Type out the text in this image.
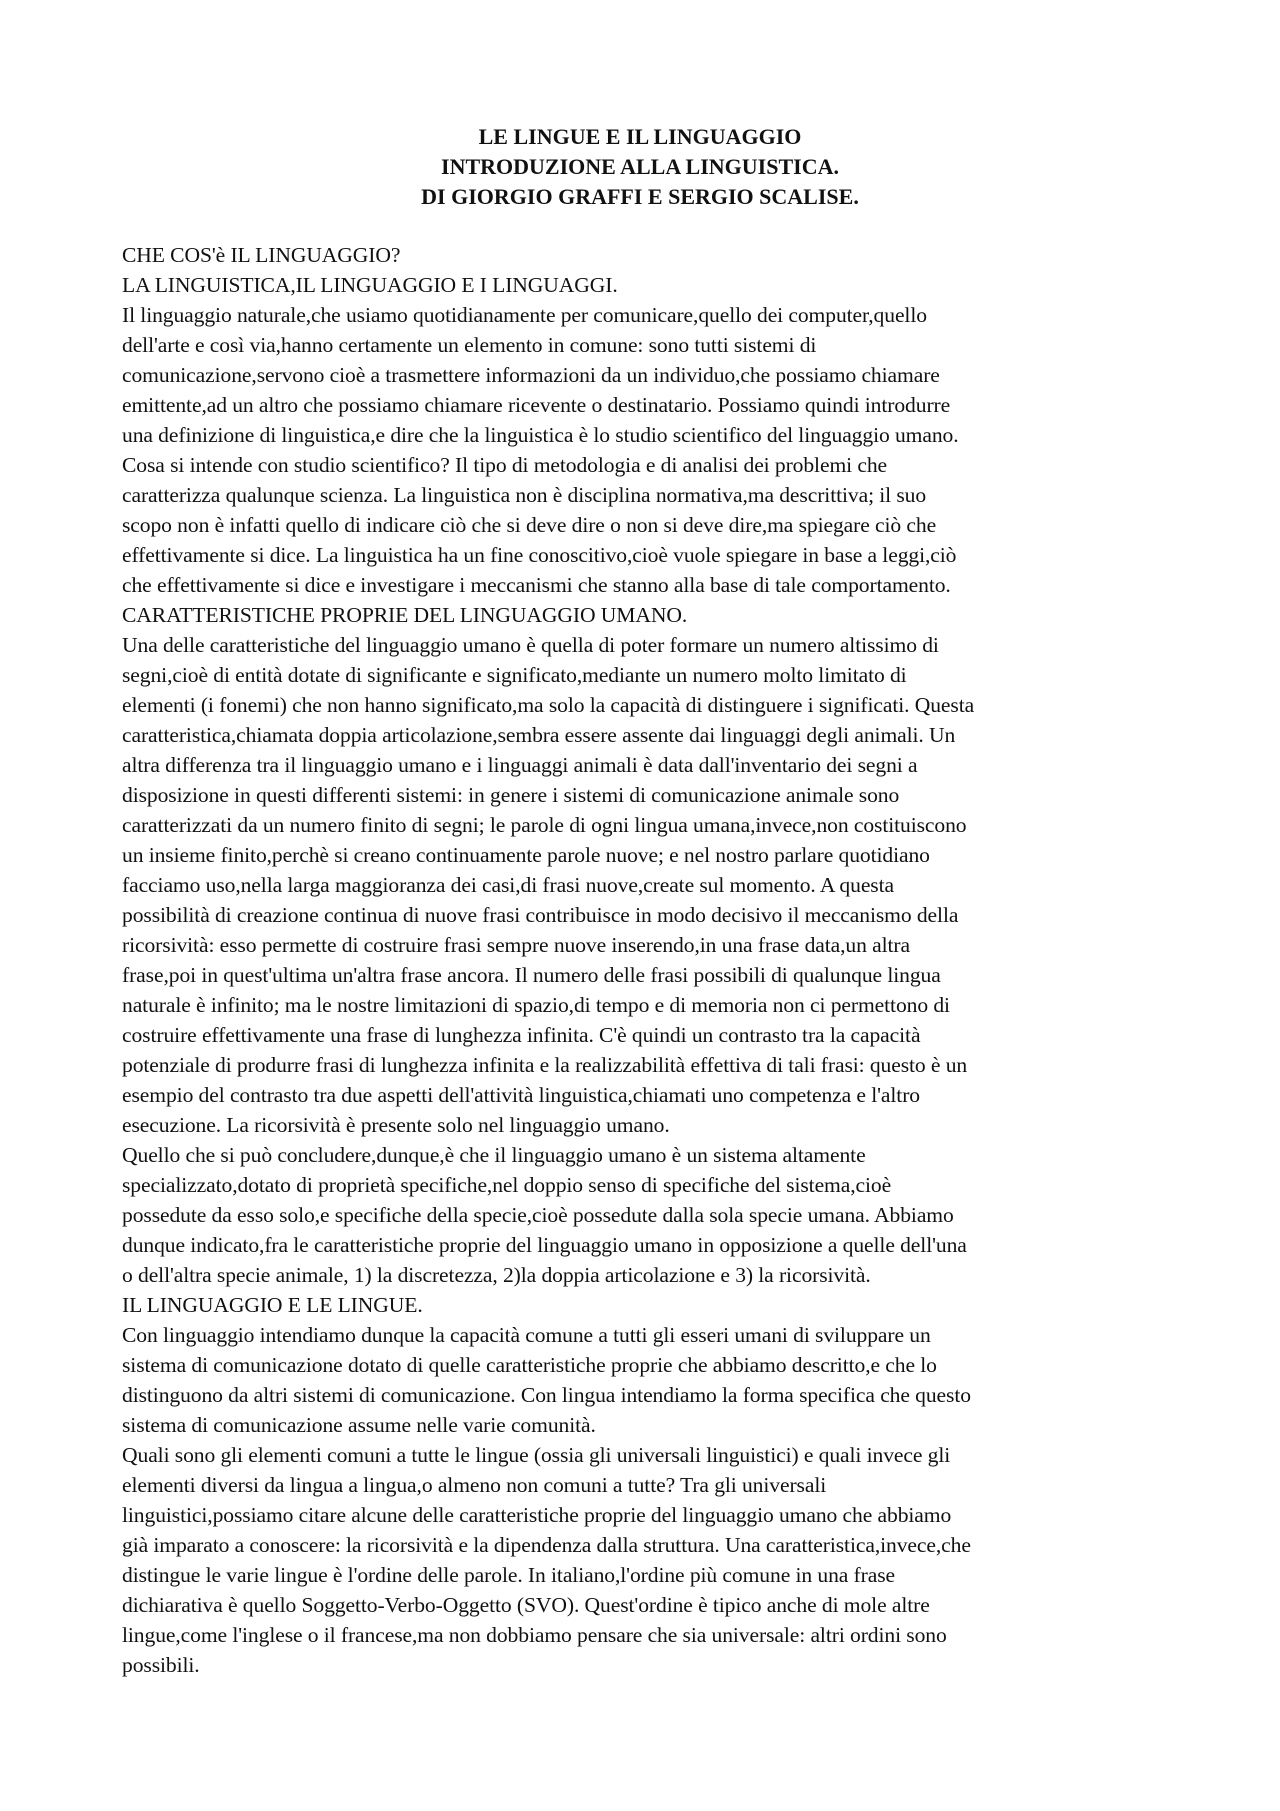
LE LINGUE E IL LINGUAGGIO
INTRODUZIONE ALLA LINGUISTICA.
DI GIORGIO GRAFFI E SERGIO SCALISE.
CHE COS'è IL LINGUAGGIO?
LA LINGUISTICA,IL LINGUAGGIO E I LINGUAGGI.
Il linguaggio naturale,che usiamo quotidianamente per comunicare,quello dei computer,quello
dell'arte e così via,hanno certamente un elemento in comune: sono tutti sistemi di
comunicazione,servono cioè a trasmettere informazioni da un individuo,che possiamo chiamare
emittente,ad un altro che possiamo chiamare ricevente o destinatario. Possiamo quindi introdurre
una definizione di linguistica,e dire che la linguistica è lo studio scientifico del linguaggio umano.
Cosa si intende con studio scientifico? Il tipo di metodologia e di analisi dei problemi che
caratterizza qualunque scienza. La linguistica non è disciplina normativa,ma descrittiva; il suo
scopo non è infatti quello di indicare ciò che si deve dire o non si deve dire,ma spiegare ciò che
effettivamente si dice. La linguistica ha un fine conoscitivo,cioè vuole spiegare in base a leggi,ciò
che effettivamente si dice e investigare i meccanismi che stanno alla base di tale comportamento.
CARATTERISTICHE PROPRIE DEL LINGUAGGIO UMANO.
Una delle caratteristiche del linguaggio umano è quella di poter formare un numero altissimo di
segni,cioè di entità dotate di significante e significato,mediante un numero molto limitato di
elementi (i fonemi) che non hanno significato,ma solo la capacità di distinguere i significati. Questa
caratteristica,chiamata doppia articolazione,sembra essere assente dai linguaggi degli animali. Un
altra differenza tra il linguaggio umano e i linguaggi animali è data dall'inventario dei segni a
disposizione in questi differenti sistemi: in genere i sistemi di comunicazione animale sono
caratterizzati da un numero finito di segni; le parole di ogni lingua umana,invece,non costituiscono
un insieme finito,perchè si creano continuamente parole nuove; e nel nostro parlare quotidiano
facciamo uso,nella larga maggioranza dei casi,di frasi nuove,create sul momento. A questa
possibilità di creazione continua di nuove frasi contribuisce in modo decisivo il meccanismo della
ricorsività: esso permette di costruire frasi sempre nuove inserendo,in una frase data,un altra
frase,poi in quest'ultima un'altra frase ancora. Il numero delle frasi possibili di qualunque lingua
naturale è infinito; ma le nostre limitazioni di spazio,di tempo e di memoria non ci permettono di
costruire effettivamente una frase di lunghezza infinita. C'è quindi un contrasto tra la capacità
potenziale di produrre frasi di lunghezza infinita e la realizzabilità effettiva di tali frasi: questo è un
esempio del contrasto tra due aspetti dell'attività linguistica,chiamati uno competenza e l'altro
esecuzione. La ricorsività è presente solo nel linguaggio umano.
Quello che si può concludere,dunque,è che il linguaggio umano è un sistema altamente
specializzato,dotato di proprietà specifiche,nel doppio senso di specifiche del sistema,cioè
possedute da esso solo,e specifiche della specie,cioè possedute dalla sola specie umana. Abbiamo
dunque indicato,fra le caratteristiche proprie del linguaggio umano in opposizione a quelle dell'una
o dell'altra specie animale, 1) la discretezza, 2)la doppia articolazione e 3) la ricorsività.
IL LINGUAGGIO E LE LINGUE.
Con linguaggio intendiamo dunque la capacità comune a tutti gli esseri umani di sviluppare un
sistema di comunicazione dotato di quelle caratteristiche proprie che abbiamo descritto,e che lo
distinguono da altri sistemi di comunicazione. Con lingua intendiamo la forma specifica che questo
sistema di comunicazione assume nelle varie comunità.
Quali sono gli elementi comuni a tutte le lingue (ossia gli universali linguistici) e quali invece gli
elementi diversi da lingua a lingua,o almeno non comuni a tutte? Tra gli universali
linguistici,possiamo citare alcune delle caratteristiche proprie del linguaggio umano che abbiamo
già imparato a conoscere: la ricorsività e la dipendenza dalla struttura. Una caratteristica,invece,che
distingue le varie lingue è l'ordine delle parole. In italiano,l'ordine più comune in una frase
dichiarativa è quello Soggetto-Verbo-Oggetto (SVO). Quest'ordine è tipico anche di mole altre
lingue,come l'inglese o il francese,ma non dobbiamo pensare che sia universale: altri ordini sono
possibili.
